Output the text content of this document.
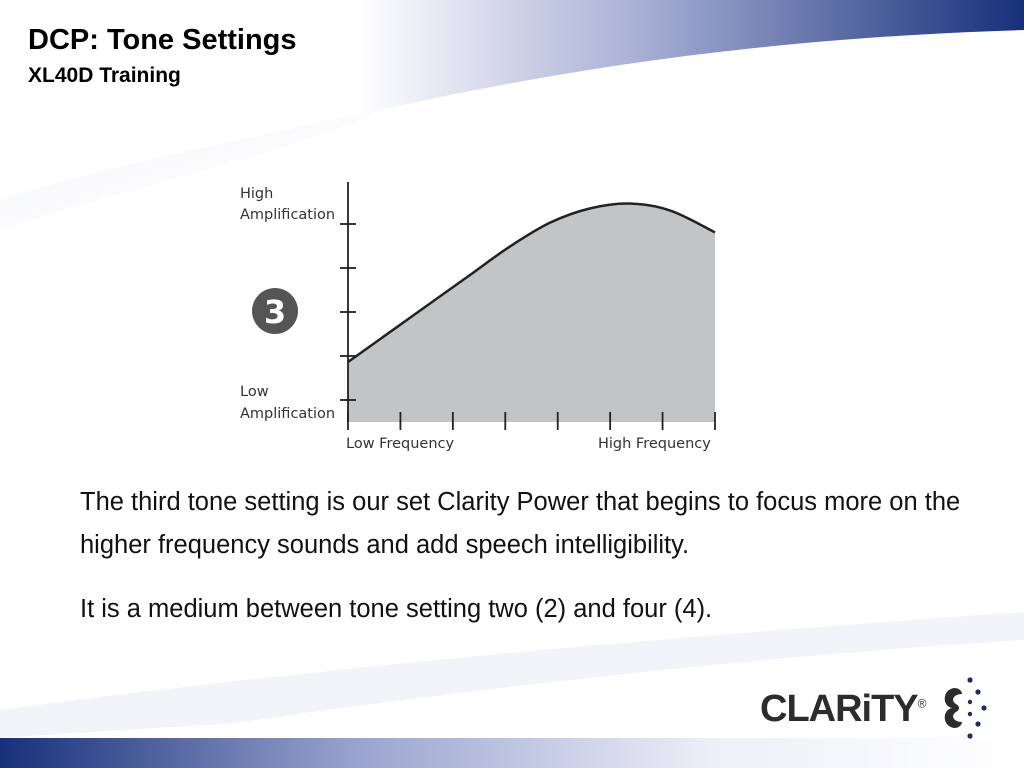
DCP: Tone Settings
XL40D Training
High
Amplification
Low
Amplification
3
Low Frequency	High Frequency

The third tone setting is our set Clarity Power that begins to focus more on the higher frequency sounds and add speech intelligibility.

It is a medium between tone setting two (2) and four (4).

CLARiTY®
